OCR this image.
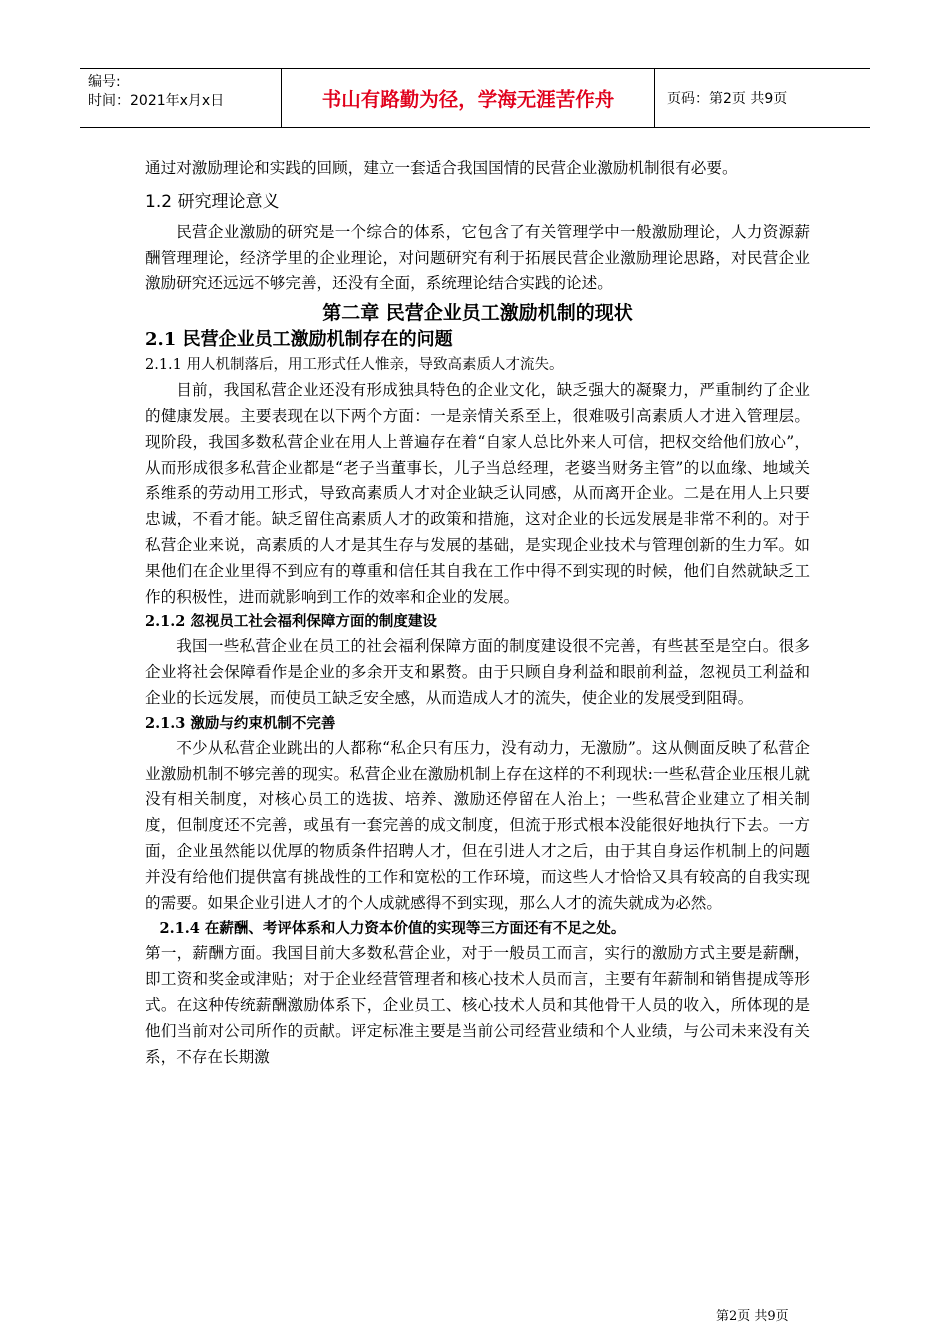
编号:
时间：2021年x月x日	书山有路勤为径，学海无涯苦作舟	页码：第2页 共9页

通过对激励理论和实践的回顾，建立一套适合我国国情的民营企业激励机制很有必要。

1.2 研究理论意义

民营企业激励的研究是一个综合的体系，它包含了有关管理学中一般激励理论，人力资源薪酬管理理论，经济学里的企业理论，对问题研究有利于拓展民营企业激励理论思路，对民营企业激励研究还远远不够完善，还没有全面，系统理论结合实践的论述。

第二章 民营企业员工激励机制的现状
2.1 民营企业员工激励机制存在的问题
2.1.1 用人机制落后，用工形式任人惟亲，导致高素质人才流失。

目前，我国私营企业还没有形成独具特色的企业文化，缺乏强大的凝聚力，严重制约了企业的健康发展。主要表现在以下两个方面：一是亲情关系至上，很难吸引高素质人才进入管理层。现阶段，我国多数私营企业在用人上普遍存在着“自家人总比外来人可信，把权交给他们放心”，从而形成很多私营企业都是“老子当董事长，儿子当总经理，老婆当财务主管”的以血缘、地域关系维系的劳动用工形式，导致高素质人才对企业缺乏认同感，从而离开企业。二是在用人上只要忠诚，不看才能。缺乏留住高素质人才的政策和措施，这对企业的长远发展是非常不利的。对于私营企业来说，高素质的人才是其生存与发展的基础，是实现企业技术与管理创新的生力军。如果他们在企业里得不到应有的尊重和信任其自我在工作中得不到实现的时候，他们自然就缺乏工作的积极性，进而就影响到工作的效率和企业的发展。

2.1.2 忽视员工社会福利保障方面的制度建设

我国一些私营企业在员工的社会福利保障方面的制度建设很不完善，有些甚至是空白。很多企业将社会保障看作是企业的多余开支和累赘。由于只顾自身利益和眼前利益，忽视员工利益和企业的长远发展，而使员工缺乏安全感，从而造成人才的流失，使企业的发展受到阻碍。

2.1.3 激励与约束机制不完善

不少从私营企业跳出的人都称“私企只有压力，没有动力，无激励”。这从侧面反映了私营企业激励机制不够完善的现实。私营企业在激励机制上存在这样的不利现状:一些私营企业压根儿就没有相关制度，对核心员工的选拔、培养、激励还停留在人治上；一些私营企业建立了相关制度，但制度还不完善，或虽有一套完善的成文制度，但流于形式根本没能很好地执行下去。一方面，企业虽然能以优厚的物质条件招聘人才，但在引进人才之后，由于其自身运作机制上的问题并没有给他们提供富有挑战性的工作和宽松的工作环境，而这些人才恰恰又具有较高的自我实现的需要。如果企业引进人才的个人成就感得不到实现，那么人才的流失就成为必然。

2.1.4 在薪酬、考评体系和人力资本价值的实现等三方面还有不足之处。

第一，薪酬方面。我国目前大多数私营企业，对于一般员工而言，实行的激励方式主要是薪酬，即工资和奖金或津贴；对于企业经营管理者和核心技术人员而言，主要有年薪制和销售提成等形式。在这种传统薪酬激励体系下，企业员工、核心技术人员和其他骨干人员的收入，所体现的是他们当前对公司所作的贡献。评定标准主要是当前公司经营业绩和个人业绩，与公司未来没有关系，不存在长期激

第2页 共9页
